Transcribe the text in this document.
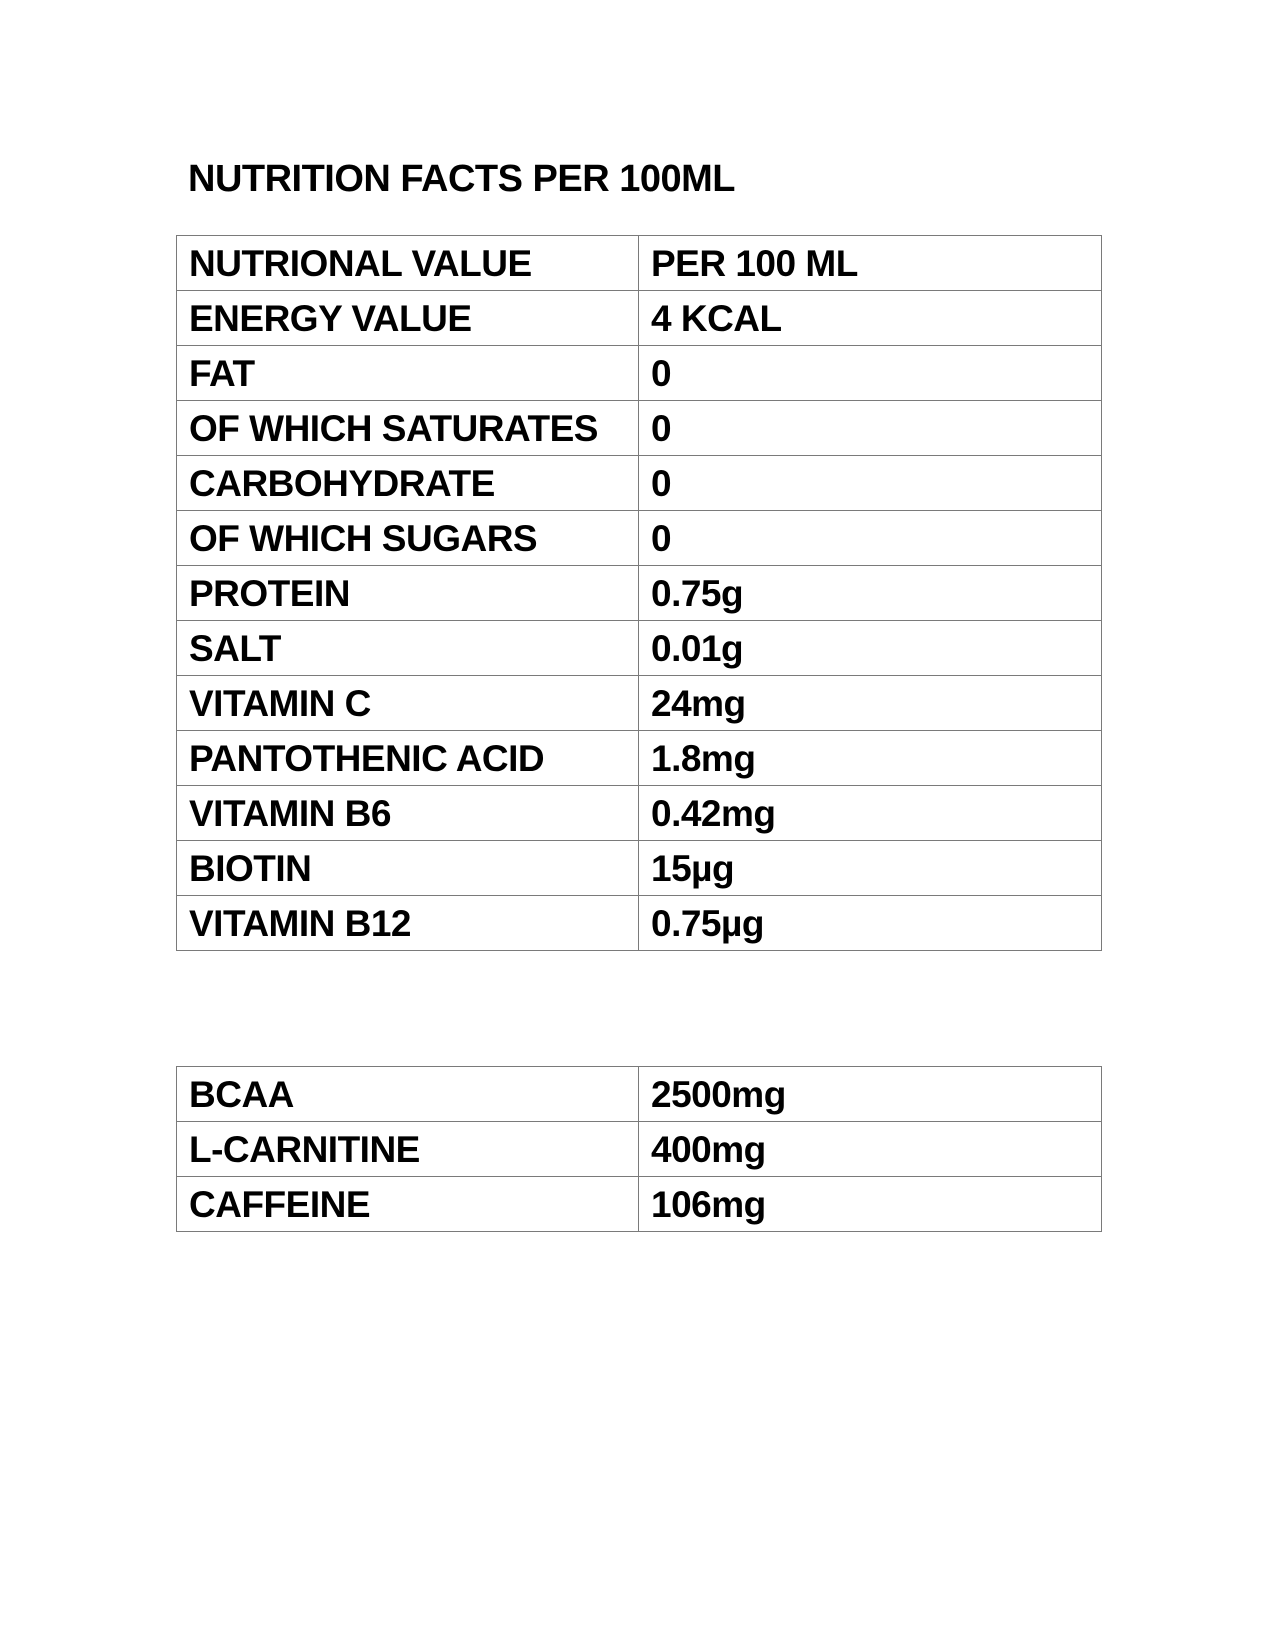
NUTRITION FACTS PER 100ML
NUTRIONAL VALUE	PER 100 ML
ENERGY VALUE	4 KCAL
FAT	0
OF WHICH SATURATES	0
CARBOHYDRATE	0
OF WHICH SUGARS	0
PROTEIN	0.75g
SALT	0.01g
VITAMIN C	24mg
PANTOTHENIC ACID	1.8mg
VITAMIN B6	0.42mg
BIOTIN	15µg
VITAMIN B12	0.75µg
BCAA	2500mg
L-CARNITINE	400mg
CAFFEINE	106mg
